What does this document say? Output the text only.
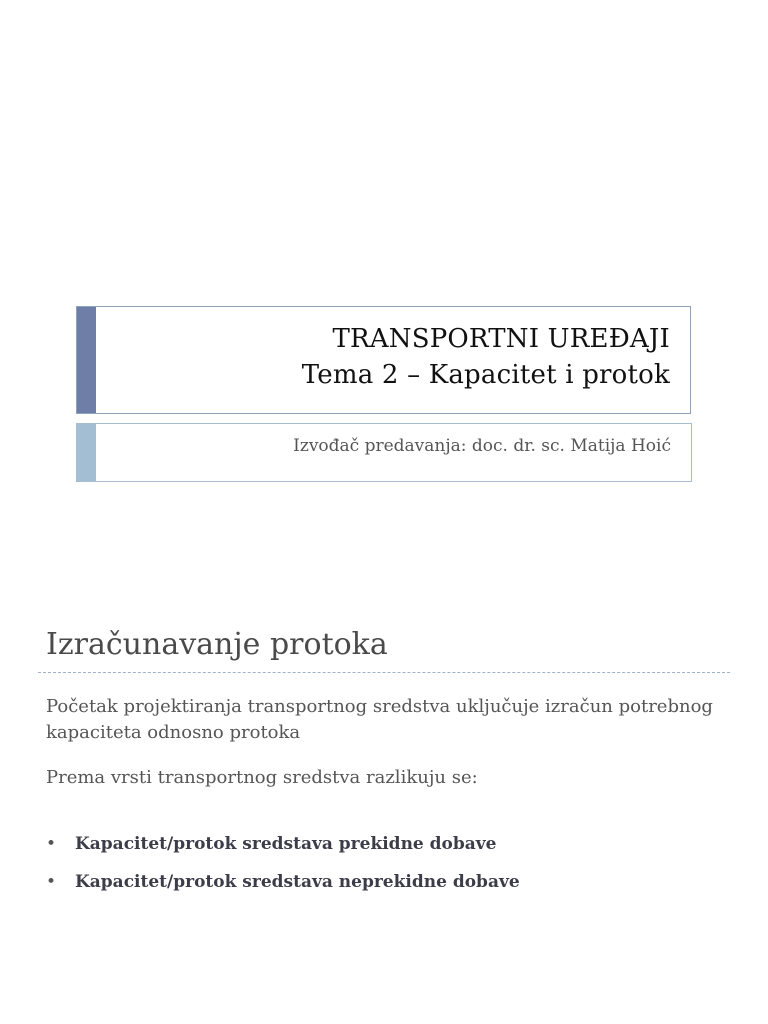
TRANSPORTNI UREĐAJI
Tema 2 – Kapacitet i protok
Izvođač predavanja: doc. dr. sc. Matija Hoić
Izračunavanje protoka
Početak projektiranja transportnog sredstva uključuje izračun potrebnog kapaciteta odnosno protoka
Prema vrsti transportnog sredstva razlikuju se:
• Kapacitet/protok sredstava prekidne dobave
• Kapacitet/protok sredstava neprekidne dobave
